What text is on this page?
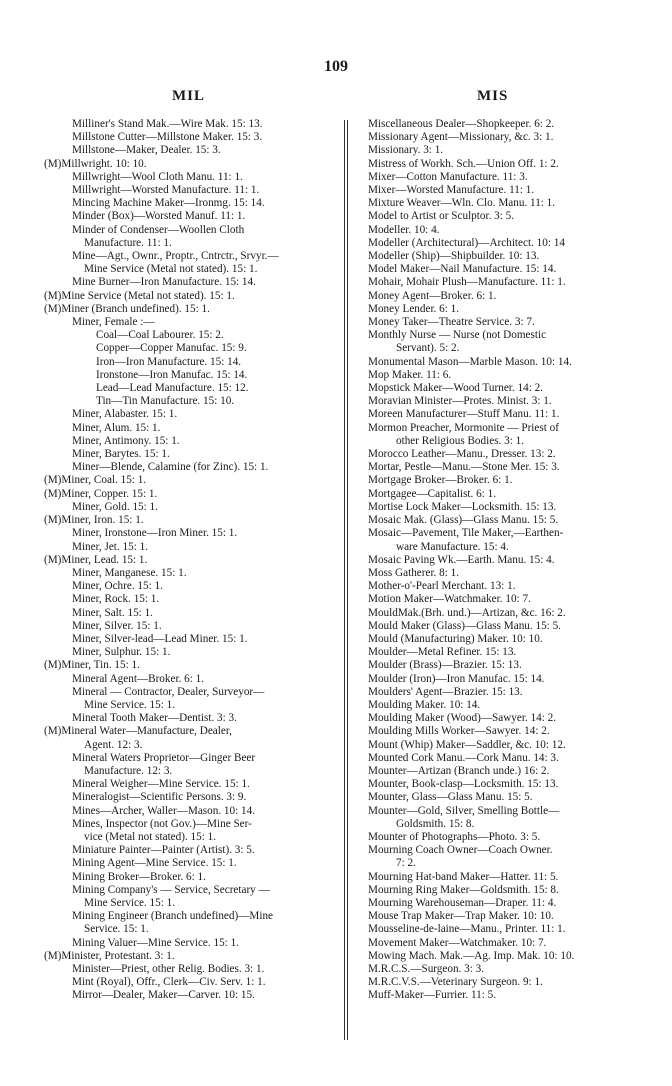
109
MIL	MIS
Milliner's Stand Mak.—Wire Mak. 15: 13.
Millstone Cutter—Millstone Maker. 15: 3.
Millstone—Maker, Dealer. 15: 3.
(M)Millwright. 10: 10.
Millwright—Wool Cloth Manu. 11: 1.
Millwright—Worsted Manufacture. 11: 1.
Mincing Machine Maker—Ironmg. 15: 14.
Minder (Box)—Worsted Manuf. 11: 1.
Minder of Condenser—Woollen Cloth
Manufacture. 11: 1.
Mine—Agt., Ownr., Proptr., Cntrctr., Srvyr.—
Mine Service (Metal not stated). 15: 1.
Mine Burner—Iron Manufacture. 15: 14.
(M)Mine Service (Metal not stated). 15: 1.
(M)Miner (Branch undefined). 15: 1.
Miner, Female :—
Coal—Coal Labourer. 15: 2.
Copper—Copper Manufac. 15: 9.
Iron—Iron Manufacture. 15: 14.
Ironstone—Iron Manufac. 15: 14.
Lead—Lead Manufacture. 15: 12.
Tin—Tin Manufacture. 15: 10.
Miner, Alabaster. 15: 1.
Miner, Alum. 15: 1.
Miner, Antimony. 15: 1.
Miner, Barytes. 15: 1.
Miner—Blende, Calamine (for Zinc). 15: 1.
(M)Miner, Coal. 15: 1.
(M)Miner, Copper. 15: 1.
Miner, Gold. 15: 1.
(M)Miner, Iron. 15: 1.
Miner, Ironstone—Iron Miner. 15: 1.
Miner, Jet. 15: 1.
(M)Miner, Lead. 15: 1.
Miner, Manganese. 15: 1.
Miner, Ochre. 15: 1.
Miner, Rock. 15: 1.
Miner, Salt. 15: 1.
Miner, Silver. 15: 1.
Miner, Silver-lead—Lead Miner. 15: 1.
Miner, Sulphur. 15: 1.
(M)Miner, Tin. 15: 1.
Mineral Agent—Broker. 6: 1.
Mineral — Contractor, Dealer, Surveyor—
Mine Service. 15: 1.
Mineral Tooth Maker—Dentist. 3: 3.
(M)Mineral Water—Manufacture, Dealer,
Agent. 12: 3.
Mineral Waters Proprietor—Ginger Beer
Manufacture. 12: 3.
Mineral Weigher—Mine Service. 15: 1.
Mineralogist—Scientific Persons. 3: 9.
Mines—Archer, Waller—Mason. 10: 14.
Mines, Inspector (not Gov.)—Mine Ser-
vice (Metal not stated). 15: 1.
Miniature Painter—Painter (Artist). 3: 5.
Mining Agent—Mine Service. 15: 1.
Mining Broker—Broker. 6: 1.
Mining Company's — Service, Secretary —
Mine Service. 15: 1.
Mining Engineer (Branch undefined)—Mine
Service. 15: 1.
Mining Valuer—Mine Service. 15: 1.
(M)Minister, Protestant. 3: 1.
Minister—Priest, other Relig. Bodies. 3: 1.
Mint (Royal), Offr., Clerk—Civ. Serv. 1: 1.
Mirror—Dealer, Maker—Carver. 10: 15.
Miscellaneous Dealer—Shopkeeper. 6: 2.
Missionary Agent—Missionary, &c. 3: 1.
Missionary. 3: 1.
Mistress of Workh. Sch.—Union Off. 1: 2.
Mixer—Cotton Manufacture. 11: 3.
Mixer—Worsted Manufacture. 11: 1.
Mixture Weaver—Wln. Clo. Manu. 11: 1.
Model to Artist or Sculptor. 3: 5.
Modeller. 10: 4.
Modeller (Architectural)—Architect. 10: 14
Modeller (Ship)—Shipbuilder. 10: 13.
Model Maker—Nail Manufacture. 15: 14.
Mohair, Mohair Plush—Manufacture. 11: 1.
Money Agent—Broker. 6: 1.
Money Lender. 6: 1.
Money Taker—Theatre Service. 3: 7.
Monthly Nurse — Nurse (not Domestic
Servant). 5: 2.
Monumental Mason—Marble Mason. 10: 14.
Mop Maker. 11: 6.
Mopstick Maker—Wood Turner. 14: 2.
Moravian Minister—Protes. Minist. 3: 1.
Moreen Manufacturer—Stuff Manu. 11: 1.
Mormon Preacher, Mormonite — Priest of
other Religious Bodies. 3: 1.
Morocco Leather—Manu., Dresser. 13: 2.
Mortar, Pestle—Manu.—Stone Mer. 15: 3.
Mortgage Broker—Broker. 6: 1.
Mortgagee—Capitalist. 6: 1.
Mortise Lock Maker—Locksmith. 15: 13.
Mosaic Mak. (Glass)—Glass Manu. 15: 5.
Mosaic—Pavement, Tile Maker,—Earthen-
ware Manufacture. 15: 4.
Mosaic Paving Wk.—Earth. Manu. 15: 4.
Moss Gatherer. 8: 1.
Mother-o'-Pearl Merchant. 13: 1.
Motion Maker—Watchmaker. 10: 7.
MouldMak.(Brh. und.)—Artizan, &c. 16: 2.
Mould Maker (Glass)—Glass Manu. 15: 5.
Mould (Manufacturing) Maker. 10: 10.
Moulder—Metal Refiner. 15: 13.
Moulder (Brass)—Brazier. 15: 13.
Moulder (Iron)—Iron Manufac. 15: 14.
Moulders' Agent—Brazier. 15: 13.
Moulding Maker. 10: 14.
Moulding Maker (Wood)—Sawyer. 14: 2.
Moulding Mills Worker—Sawyer. 14: 2.
Mount (Whip) Maker—Saddler, &c. 10: 12.
Mounted Cork Manu.—Cork Manu. 14: 3.
Mounter—Artizan (Branch unde.) 16: 2.
Mounter, Book-clasp—Locksmith. 15: 13.
Mounter, Glass—Glass Manu. 15: 5.
Mounter—Gold, Silver, Smelling Bottle—
Goldsmith. 15: 8.
Mounter of Photographs—Photo. 3: 5.
Mourning Coach Owner—Coach Owner.
7: 2.
Mourning Hat-band Maker—Hatter. 11: 5.
Mourning Ring Maker—Goldsmith. 15: 8.
Mourning Warehouseman—Draper. 11: 4.
Mouse Trap Maker—Trap Maker. 10: 10.
Mousseline-de-laine—Manu., Printer. 11: 1.
Movement Maker—Watchmaker. 10: 7.
Mowing Mach. Mak.—Ag. Imp. Mak. 10: 10.
M.R.C.S.—Surgeon. 3: 3.
M.R.C.V.S.—Veterinary Surgeon. 9: 1.
Muff-Maker—Furrier. 11: 5.
